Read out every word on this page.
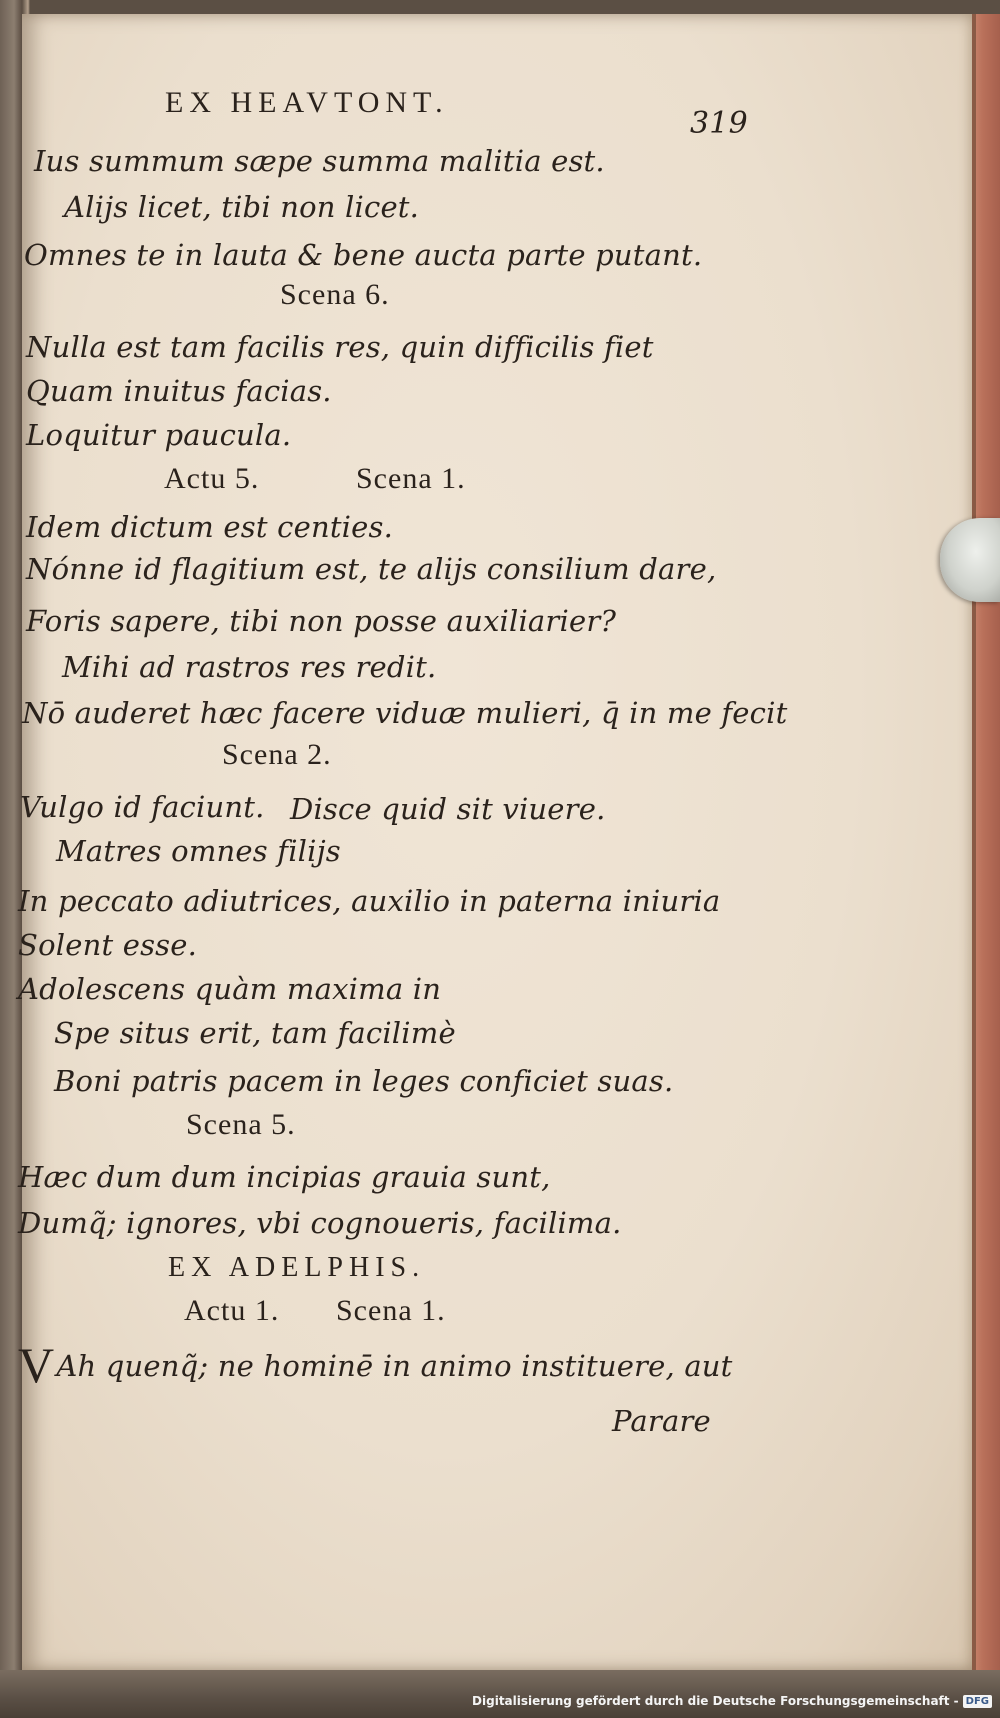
EX HEAVTONT.
319
Ius summum sæpe summa malitia est.
Alijs licet, tibi non licet.
Omnes te in lauta & bene aucta parte putant.
Scena 6.
Nulla est tam facilis res, quin difficilis fiet
Quam inuitus facias.
Loquitur paucula.
Actu 5.	Scena 1.
Idem dictum est centies.
Nónne id flagitium est, te alijs consilium dare,
Foris sapere, tibi non posse auxiliarier?
Mihi ad rastros res redit.
Nō auderet hæc facere viduæ mulieri, q̄ in me fecit
Scena 2.
Vulgo id faciunt. Disce quid sit viuere.
Matres omnes filijs
In peccato adiutrices, auxilio in paterna iniuria
Solent esse.
Adolescens quàm maxima in
Spe situs erit, tam facilimè
Boni patris pacem in leges conficiet suas.
Scena 5.
Hæc dum dum incipias grauia sunt,
Dumq̃; ignores, vbi cognoueris, facilima.
EX ADELPHIS.
Actu 1. Scena 1.
VAh quenq̃; ne hominē in animo instituere, aut
Parare
Digitalisierung gefördert durch die Deutsche Forschungsgemeinschaft - DFG
